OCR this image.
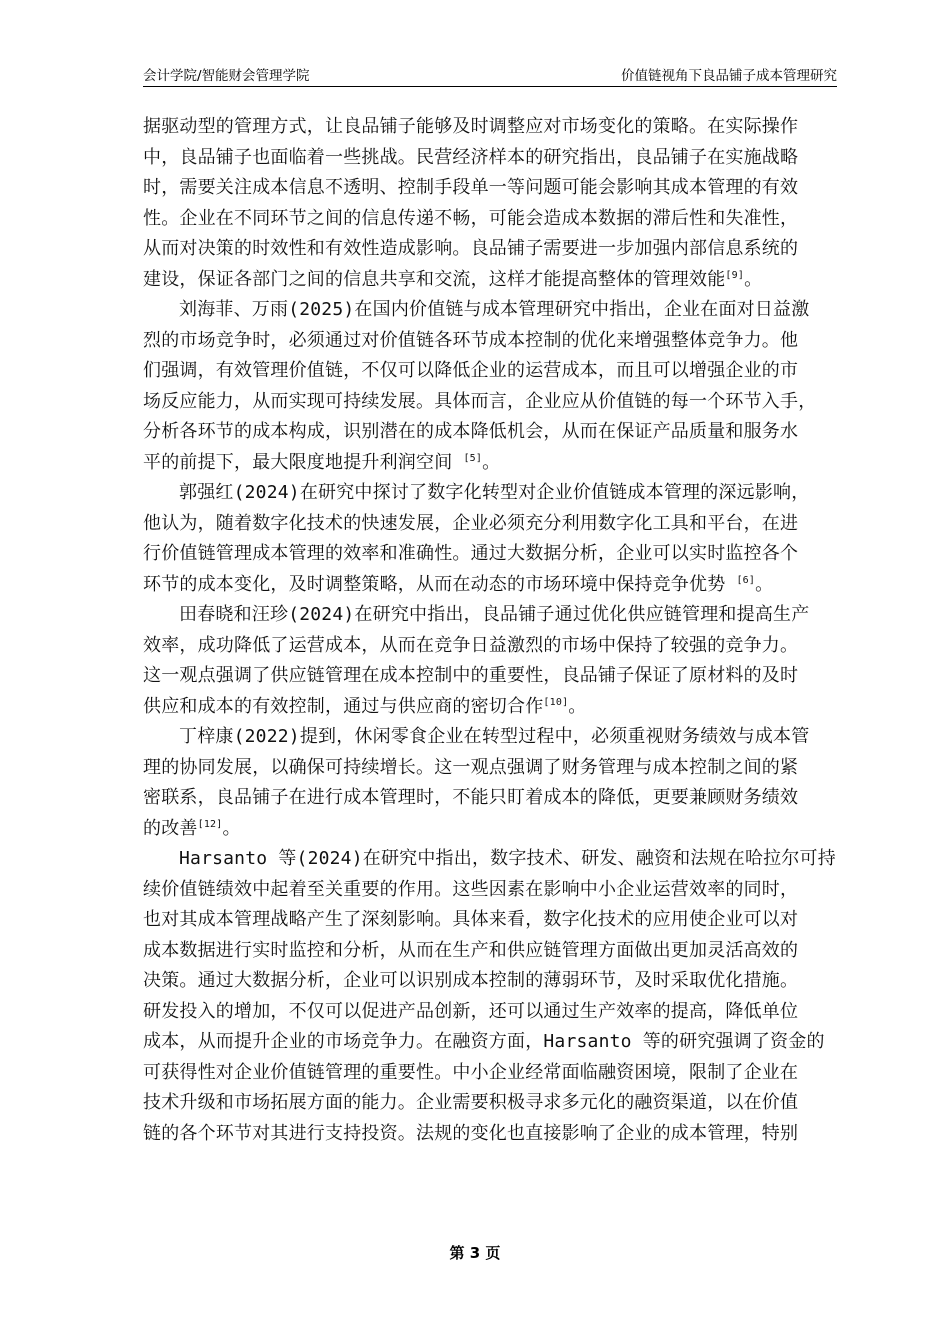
会计学院/智能财会管理学院	价值链视角下良品铺子成本管理研究
据驱动型的管理方式，让良品铺子能够及时调整应对市场变化的策略。在实际操作
中，良品铺子也面临着一些挑战。民营经济样本的研究指出，良品铺子在实施战略
时，需要关注成本信息不透明、控制手段单一等问题可能会影响其成本管理的有效
性。企业在不同环节之间的信息传递不畅，可能会造成本数据的滞后性和失准性，
从而对决策的时效性和有效性造成影响。良品铺子需要进一步加强内部信息系统的
建设，保证各部门之间的信息共享和交流，这样才能提高整体的管理效能[9]。
刘海菲、万雨(2025)在国内价值链与成本管理研究中指出，企业在面对日益激
烈的市场竞争时，必须通过对价值链各环节成本控制的优化来增强整体竞争力。他
们强调，有效管理价值链，不仅可以降低企业的运营成本，而且可以增强企业的市
场反应能力，从而实现可持续发展。具体而言，企业应从价值链的每一个环节入手，
分析各环节的成本构成，识别潜在的成本降低机会，从而在保证产品质量和服务水
平的前提下，最大限度地提升利润空间 [5]。
郭强红(2024)在研究中探讨了数字化转型对企业价值链成本管理的深远影响，
他认为，随着数字化技术的快速发展，企业必须充分利用数字化工具和平台，在进
行价值链管理成本管理的效率和准确性。通过大数据分析，企业可以实时监控各个
环节的成本变化，及时调整策略，从而在动态的市场环境中保持竞争优势 [6]。
田春晓和汪珍(2024)在研究中指出，良品铺子通过优化供应链管理和提高生产
效率，成功降低了运营成本，从而在竞争日益激烈的市场中保持了较强的竞争力。
这一观点强调了供应链管理在成本控制中的重要性，良品铺子保证了原材料的及时
供应和成本的有效控制，通过与供应商的密切合作[10]。
丁梓康(2022)提到，休闲零食企业在转型过程中，必须重视财务绩效与成本管
理的协同发展，以确保可持续增长。这一观点强调了财务管理与成本控制之间的紧
密联系，良品铺子在进行成本管理时，不能只盯着成本的降低，更要兼顾财务绩效
的改善[12]。
Harsanto 等(2024)在研究中指出，数字技术、研发、融资和法规在哈拉尔可持
续价值链绩效中起着至关重要的作用。这些因素在影响中小企业运营效率的同时，
也对其成本管理战略产生了深刻影响。具体来看，数字化技术的应用使企业可以对
成本数据进行实时监控和分析，从而在生产和供应链管理方面做出更加灵活高效的
决策。通过大数据分析，企业可以识别成本控制的薄弱环节，及时采取优化措施。
研发投入的增加，不仅可以促进产品创新，还可以通过生产效率的提高，降低单位
成本，从而提升企业的市场竞争力。在融资方面，Harsanto 等的研究强调了资金的
可获得性对企业价值链管理的重要性。中小企业经常面临融资困境，限制了企业在
技术升级和市场拓展方面的能力。企业需要积极寻求多元化的融资渠道，以在价值
链的各个环节对其进行支持投资。法规的变化也直接影响了企业的成本管理，特别
第 3 页
